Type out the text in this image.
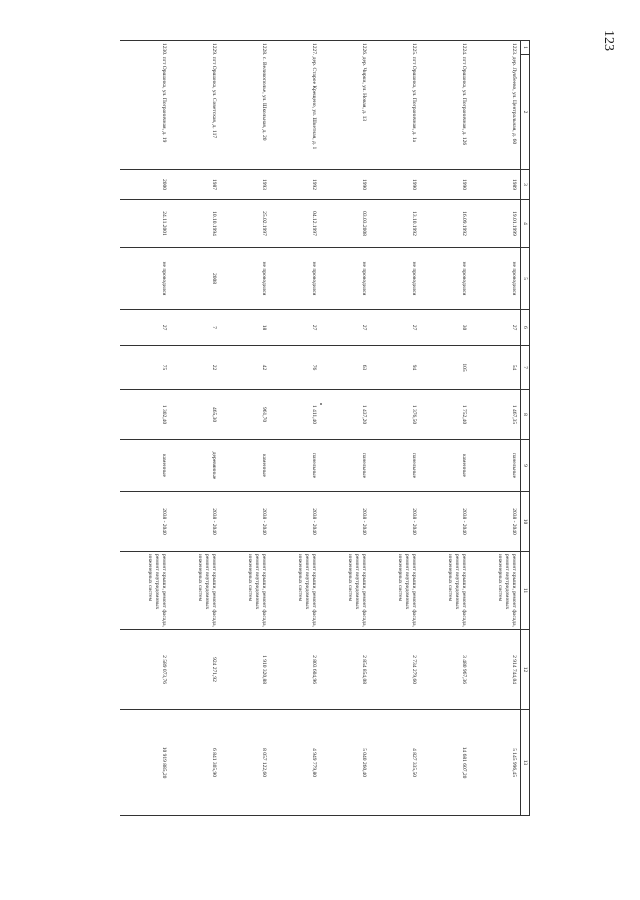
123
1	2	3	4	5	6	7	8	9	10	11	12	13
1223. дер. Лукбеево, ул. Центральная, д. 60		1989	19.01.1999	не проводился	27	54	1 467,35	панельные	2038 - 2040	ремонт крыши, ремонт фасада, ремонт внутридомовых инженерных систем	2 914 744,04	5 145 996,45
1224. пгт Оршанка, ул. Пограничная, д. 126		1990	16.09.1992	не проводился	30	105	1 752,40	каменные	2038 - 2040	ремонт крыши, ремонт фасада, ремонт внутридомовых инженерных систем	3 480 967,36	14 681 607,20
1225. пгт Оршанка, ул. Пограничная, д. 1а		1990	13.10.1992	не проводился	27	94	1 376,50	панельные	2038 - 2040	ремонт крыши, ремонт фасада, ремонт внутридомовых инженерных систем	2 734 279,60	4 827 335,50
1226. дер. Чирки, ул. Новая, д. 13		1990	03.03.2008	не проводился	27	63	1 437,20	панельные	2038 - 2040	ремонт крыши, ремонт фасада, ремонт внутридомовых инженерных систем	2 854 854,08	5 040 260,40
1227. дер. Старое Крещено, ул. Шкетная, д. 1		1992	04.12.1997	не проводился	27	76	1 411,40	панельные	2038 - 2040	ремонт крыши, ремонт фасада, ремонт внутридомовых инженерных систем	2 803 604,96	4 949 779,80
1228. с. Великополье, ул. Школьная, д. 20		1993	25.02.1997	не проводился	18	42	961,70	каменные	2038 - 2040	ремонт крыши, ремонт фасада, ремонт внутридомовых инженерных систем	1 910 320,88	8 057 122,60
1229. пгт Оршанка, ул. Советская, д. 117		1987	10.10.1994	2008	7	22	465,30	деревянные	2038 - 2040	ремонт крыши, ремонт фасада, ремонт внутридомовых инженерных систем	924 271,92	6 841 305,90
1230. пгт Оршанка, ул. Пограничная, д. 19		2000	24.11.2001	не проводился	27	75	1 302,40	каменные	2038 - 2040	ремонт крыши, ремонт фасада, ремонт внутридомовых инженерных систем	2 589 073,76	10 919 885,20
